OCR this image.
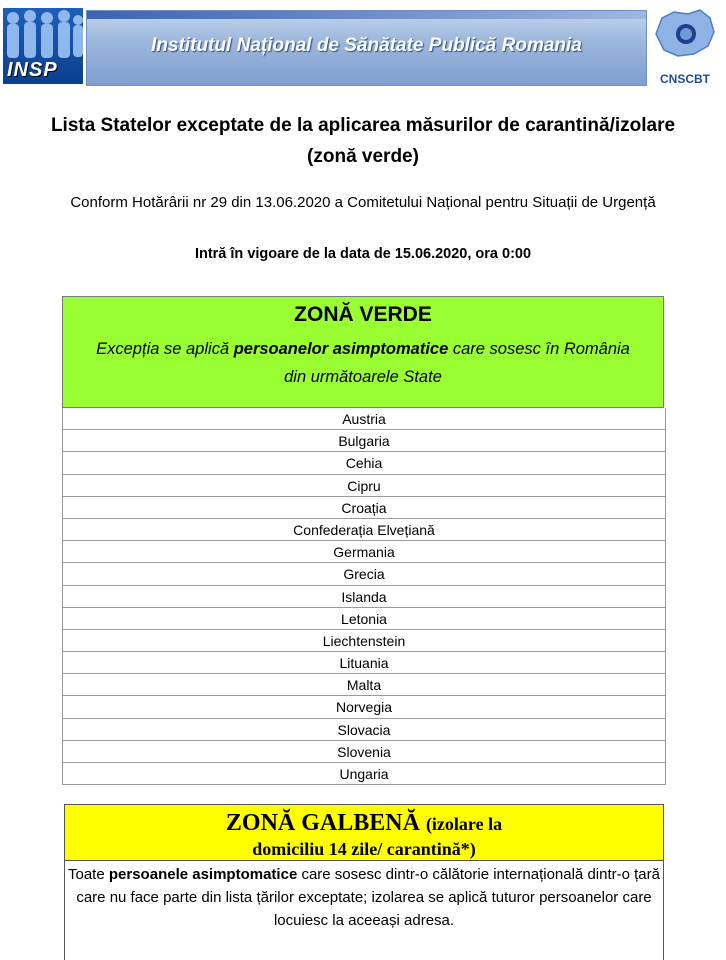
INSP
Institutul Național de Sănătate Publică Romania
CNSCBT
Lista Statelor exceptate de la aplicarea măsurilor de carantină/izolare
(zonă verde)
Conform Hotărârii nr 29 din 13.06.2020 a Comitetului Național pentru Situații de Urgență
Intră în vigoare de la data de 15.06.2020, ora 0:00
ZONĂ VERDE
Excepția se aplică persoanelor asimptomatice care sosesc în România din următoarele State
Austria
Bulgaria
Cehia
Cipru
Croația
Confederația Elvețiană
Germania
Grecia
Islanda
Letonia
Liechtenstein
Lituania
Malta
Norvegia
Slovacia
Slovenia
Ungaria
ZONĂ GALBENĂ (izolare la
domiciliu 14 zile/ carantină*)
Toate persoanele asimptomatice care sosesc dintr-o călătorie internațională dintr-o țară care nu face parte din lista țărilor exceptate; izolarea se aplică tuturor persoanelor care locuiesc la aceeași adresa.
